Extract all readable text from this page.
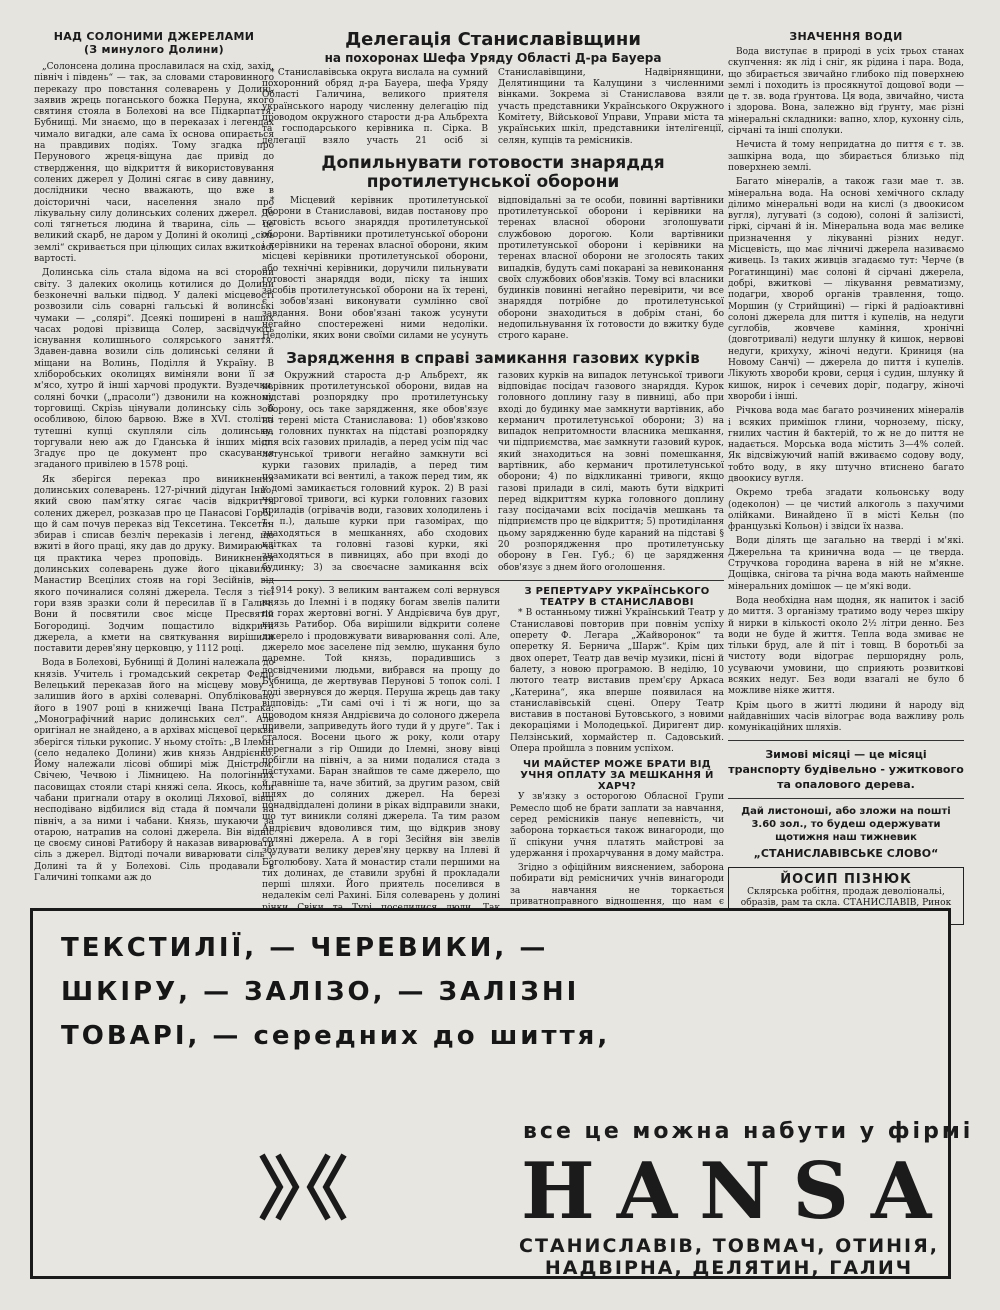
НАД СОЛОНИМИ ДЖЕРЕЛАМИ

(З минулого Долини)

„Солонсена долина прославилася на схід, захід, північ і південь“ — так, за словами старовинного перекazу про повстання солеварень у Долині, заявив жрець поганського божка Перуна, якого святиня стояла в Болехові на все Підкарпаття. Бубнищі. Ми знаємо, що в переказах і легендах чимало вигадки, але сама їх основа опирається на правдивих подіях. Тому згадка про Перунового жреця-віщуна дає привід до ствердження, що відкриття й використовування солених джерел у Долині сягає в сиву давнину, дослідники чесно вважають, що вже в доісторичні часи, населення знало про лікувальну силу долинських солених джерел. До солі тягнеться людина й тварина, сіль — це великий скарб, не даром у Долині й околиці „сіль землі“ скривається при цілющих силах вжиткової вартості.

Долинська сіль стала відома на всі сторони світу. З далеких околиць котилися до Долини безконечні вальки підвод. У далекі місцевості розвозили сіль соварні гальські й волинські чумаки — „солярі“. Дсеякі поширені в наших часах родові прізвища Солер, засвідчують існування колишнього солярського заняття. Здавен-давна возили сіль долинські селяни й міщани на Волинь, Поділля й Україну. В хліборобських околицях виміняли вони її за м'ясо, хутро й інші харчові продукти. Вуздечки, соляні бочки („прасоли“) дзвонили на кожному торговищі. Скрізь цінували долинську сіль з її особливою, білою барвою. Вже в XVI. столітті тутешні купці скупляли сіль долинську, торгували нею аж до Гданська й інших міст. Згадує про це документ про скасування згаданого привілею в 1578 році.

Як зберігся переказ про виникнення долинських солеварень. 127-річний дідуган Інко, який свою пам'ятку сягає часів відкриття солених джерел, розказав про це Панасові Горбі, що й сам почув переказ від Тексетина. Тексетин збирав і списав безліч переказів і легенд, що вжиті в його праці, яку дав до друку. Вимираюча ця практика через проповідь. Виникнення долинських солеварень дуже його цікавило. Манастир Всецілих стояв на горі Зесійнів, від якого починалися соляні джерела. Тесля з тієї гори взяв зразки соли й пересилав її в Галич. Вони й посвятили своє місце Пресвятій Богородиці. Зодчим пощастило відкрити джерела, а кмети на святкування вирішили поставити дерев'яну церковцю, у 1112 році.

Вода в Болехові, Бубнищі й Долині належала до князів. Учитель і громадський секретар Федір Велецький переказав його на місцеву мову і залишив його в архіві солеварні. Опубліковано його в 1907 році в книжечці Івана Пстрака: „Монографічний нарис долинських сел“. Але оригінал не знайдено, а в архівах місцевої церкви зберігся тільки рукопис. У ньому стоїть: „В Ілемні (село недалеко Долини) жив князь Андрієнко. Йому належали лісові обширі між Дністром, Свічею, Чечвою і Лімницею. На пологінних пасовищах стояли старі княжі села. Якось, коли чабани пригнали отару в околиці Ляхової, вівці несподівано відбилися від стада й помчали на північ, а за ними і чабани. Князь, шукаючи за отарою, натрапив на солоні джерела. Він відніс це своєму синові Ратибору й наказав виварювати сіль з джерел. Відтоді почали виварювати сіль у Долині та й у Болехові. Сіль продавали в Галичині топками аж до

Делегація Станиславівщини

на похоронах Шефа Уряду Області Д-ра Бауера

* Станиславівська округа вислала на сумний похоронний обряд д-ра Бауера, шефа Уряду Області Галичина, великого приятеля українського народу численну делегацію під проводом окружного старости д-ра Альбрехта та господарського керівника п. Сірка. В делегації взяло участь 21 осіб зі Станиславівщини, Надвірнянщини, Делятинщини та Калущини з численними вінками. Зокрема зі Станиславова взяли участь представники Українського Окружного Комітету, Військової Управи, Управи міста та українських шкіл, представники інтелігенції, селян, купців та ремісників.

Допильнувати готовости знаряддя протилетунської оборони

* Місцевий керівник протилетунської оборони в Станиславові, видав постанову про готовість всього знаряддя протилетунської оборони. Вартівники протилетунської оборони і керівники на теренах власної оборони, яким місцеві керівники протилетунської оборони, або технічні керівники, доручили пильнувати готовості знаряддя води, піску та інших засобів протилетунської оборони на їх терені, є зобов'язані виконувати сумлінно свої завдання. Вони обов'язані також усунути негайно спостережені ними недоліки. Недоліки, яких вони своїми силами не усунуть відповідальні за те особи, повинні вартівники протилетунської оборони і керівники на теренах власної оборони зголошувати службовою дорогою. Коли вартівники протилетунської оборони і керівники на теренах власної оборони не зголосять таких випадків, будуть самі покарані за невиконання своїх службових обов'язків. Тому всі власники будинків повинні негайно перевірити, чи все знаряддя потрібне до протилетунської оборони знаходиться в добрім стані, бо недопильнування їх готовости до вжитку буде строго каране.

Зарядження в справі замикання газових курків

* Окружний староста д-р Альбрехт, як керівник протилетунської оборони, видав на підставі розпорядку про протилетунську оборону, ось таке зарядження, яке обов'язує на терені міста Станиславова: 1) обов'язково на головних пунктах на підставі розпорядку для всіх газових приладів, а перед усім під час летунської тривоги негайно замкнути всі курки газових приладів, а перед тим позамикати всі вентилі, а також перед тим, як у домі замикається головний курок. 2) В разі чергової тривоги, всі курки головних газових приладів (огрівачів води, газових холодилень і т. п.), дальше курки при газомірах, що знаходяться в мешканнях, або сходових клітках та головні газові курки, які знаходяться в пивницях, або при вході до будинку; 3) за своєчасне замикання всіх газових курків на випадок летунської тривоги відповідає посідач газового знаряддя. Курок головного доплину газу в пивниці, або при вході до будинку мае замкнути вартівник, або керманич протилетунської оборони; 3) на випадок непритомности власника мешкання, чи підприємства, має замкнути газовий курок, який знаходиться на зовні помешкання, вартівник, або керманич протилетунської оборони; 4) по відкликанні тривоги, якщо газові прилади в силі, мають бути відкриті перед відкриттям курка головного доплину газу посідачами всіх посідачів мешкань та підприємств про це відкриття; 5) протиділання цьому зарядженню буде караний на підставі § 20 розпорядження про протилетунську оборону в Ген. Губ.; 6) це зарядження обов'язує з днем його оголошення.

1914 року). З великим вантажем солі вернувся князь до Ілемні і в подяку богам звелів палити по горах жертовні вогні. У Андрієвича був друг, князь Ратибор. Оба вирішили відкрити солене джерело і продовжувати виварювання солі. Але, джерело моє заселене під землю, шукання було даремне. Той князь, порадившись з досвідченими людьми, вибрався на прощу до Бубнища, де жертвував Перунові 5 топок солі. І тоді звернувся до жерця. Перуша жрець дав таку відповідь: „Ти самі очі і ті ж ноги, що за проводом князя Андрієвича до солоного джерела привели, заприведуть його туди й у друге“. Так і сталося. Восени цього ж року, коли отару перегнали з гір Ошиди до Ілемні, знову вівці побігли на північ, а за ними подалися стада з пастухами. Баран знайшов те саме джерело, що й давніше та, наче збитий, за другим разом, свій шлях до соляних джерел. На березі понадвіддалені долини в ріках відправили знаки, що тут виникли соляні джерела. Та тим разом Андрієвич вдоволився тим, що відкрив знову соляні джерела. А в горі Зесійня він звелів збудувати велику дерев'яну церкву на Іллеві й Боголюбову. Хата й монастир стали першими на тих долинах, де ставили зрубні й прокладали перші шляхи. Його приятель поселився в недалекім селі Рахині. Біля солеварень у долині

З РЕПЕРТУАРУ УКРАЇНСЬКОГО ТЕАТРУ В СТАНИСЛАВОВІ

* В останньому тижні Український Театр у Станиславові повторив при повнім успіху оперету Ф. Легара „Жайворонок“ та оперетку Я. Бернича „Шарж“. Крім цих двох оперет, Театр дав вечір музики, пісні й балету, з новою програмою. В неділю, 10 лютого театр виставив прем'єру Аркаса „Катерина“, яка вперше появилася на станиславівській сцені. Оперу Театр виставив в постанові Бутовського, з новими декораціями і Молодецької. Диригент дир. Пелзінський, хормайстер п. Садовський. Опера пройшла з повним успіхом.

ЧИ МАЙСТЕР МОЖЕ БРАТИ ВІД УЧНЯ ОПЛАТУ ЗА МЕШКАННЯ Й ХАРЧ?

У зв'язку з осторогою Обласної Групи Ремесло щоб не брати заплати за навчання, серед ремісників панує непевність, чи заборона торкається також винагороди, що її спікуни учня платять майстрові за удержання і прохарчування в дому майстра.

Згідно з офіційним вияснением, заборона побирати від ремісничих учнів винагороди за навчання не торкається приватноправного відношення, що нам є

ЗНАЧЕННЯ ВОДИ

Вода виступає в природі в усіх трьох станах скупчення: як лід і сніг, як рідина і пара. Вода, що збирається звичайно глибоко під поверхнею землі і походить із просякнутої дощової води — це т. зв. вода ґрунтова. Ця вода, звичайно, чиста і здорова. Вона, залежно від ґрунту, має різні мінеральні складники: вапно, хлор, кухонну сіль, сірчані та інші сполуки.

Нечиста й тому непридатна до пиття є т. зв. зашкірна вода, що збирається близько під поверхнею землі.

Багато мінералів, а також гази мае т. зв. мінеральна вода. На основі хемічного складу ділимо мінеральні води на кислі (з двоокисом вугля), лугуваті (з содою), солоні й залізисті, гіркі, сірчані й ін. Мінеральна вода має велике призначення у лікуванні різних недуг. Місцевість, що має лічничі джерела називаємо живець. Із таких живців згадаємо тут: Черче (в Рогатинщині) має солоні й сірчані джерела, добрі, вжиткові — лікування ревматизму, подагри, хвороб органів травлення, тощо. Моршин (у Стрийщині) — гіркі й радіоактивні солоні джерела для пиття і купелів, на недуги суглобів, жовчеве каміння, хронічні (довготривалі) недуги шлунку й кишок, нервові недуги, крихуху, жіночі недуги. Криниця (на Новому Санчі) — джерела до пиття і купелів. Лікують хвороби крови, серця і судин, шлунку й кишок, нирок і сечевих доріг, подагру, жіночі хвороби і інші.

Річкова вода має багато розчинених мінералів і всяких примішок глини, чорнозему, піску, гнилих частин й бактерій, то ж не до пиття не надається. Морська вода містить 3—4% солей. Як відсвіжуючий напій вживаємо содову воду, тобто воду, в яку штучно втиснено багато двоокису вугля.

Окремо треба згадати кольонську воду (одеколон) — це чистий алкоголь з пахучими олійками. Винайдено її в місті Кельн (по французькі Кольон) і звідси їх назва.

Води ділять ще загально на тверді і м'які. Джерельна та кринична вода — це тверда. Стручкова городина варена в ній не м'якне. Дощівка, снігова та річна вода мають найменше мінеральних домішок — це м'які води.

Вода необхідна нам щодня, як напиток і засіб до миття. З організму тратимо воду через шкіру й нирки в кількості около 2½ літри денно. Без води не буде й життя. Тепла вода змиває не тільки бруд, але й піт і товщ. В боротьбі за чистоту води відограє першорядну роль, усуваючи умовини, що сприяють розвиткові всяких недуг. Без води взагалі не було б можливе ніяке життя.

Крім цього в житті людини й народу від найдавніших часів вілограє вода важливу роль комунікаційних шляхів.

Зимові місяці — це місяці транспорту будівельно - ужиткового та опалового дерева.

Дай листоноші, або зложи на пошті 3.60 зол., то будеш одержувати щотижня наш тижневик

„СТАНИСЛАВІВСЬКЕ СЛОВО“

ЙОСИП ПІЗНЮК
Склярська робітня, продаж деволіональі, образів, рам та скла. СТАНИСЛАВІВ, Ринок
ТЕКСТИЛІЇ, — ЧЕРЕВИКИ, —
ШКІРУ, — ЗАЛІЗО, — ЗАЛІЗНІ
ТОВАРІ, — середних до шиття,
все це можна набути у фірмі
HANSA
СТАНИСЛАВІВ, ТОВМАЧ, ОТИНІЯ,
НАДВІРНА, ДЕЛЯТИН, ГАЛИЧ
